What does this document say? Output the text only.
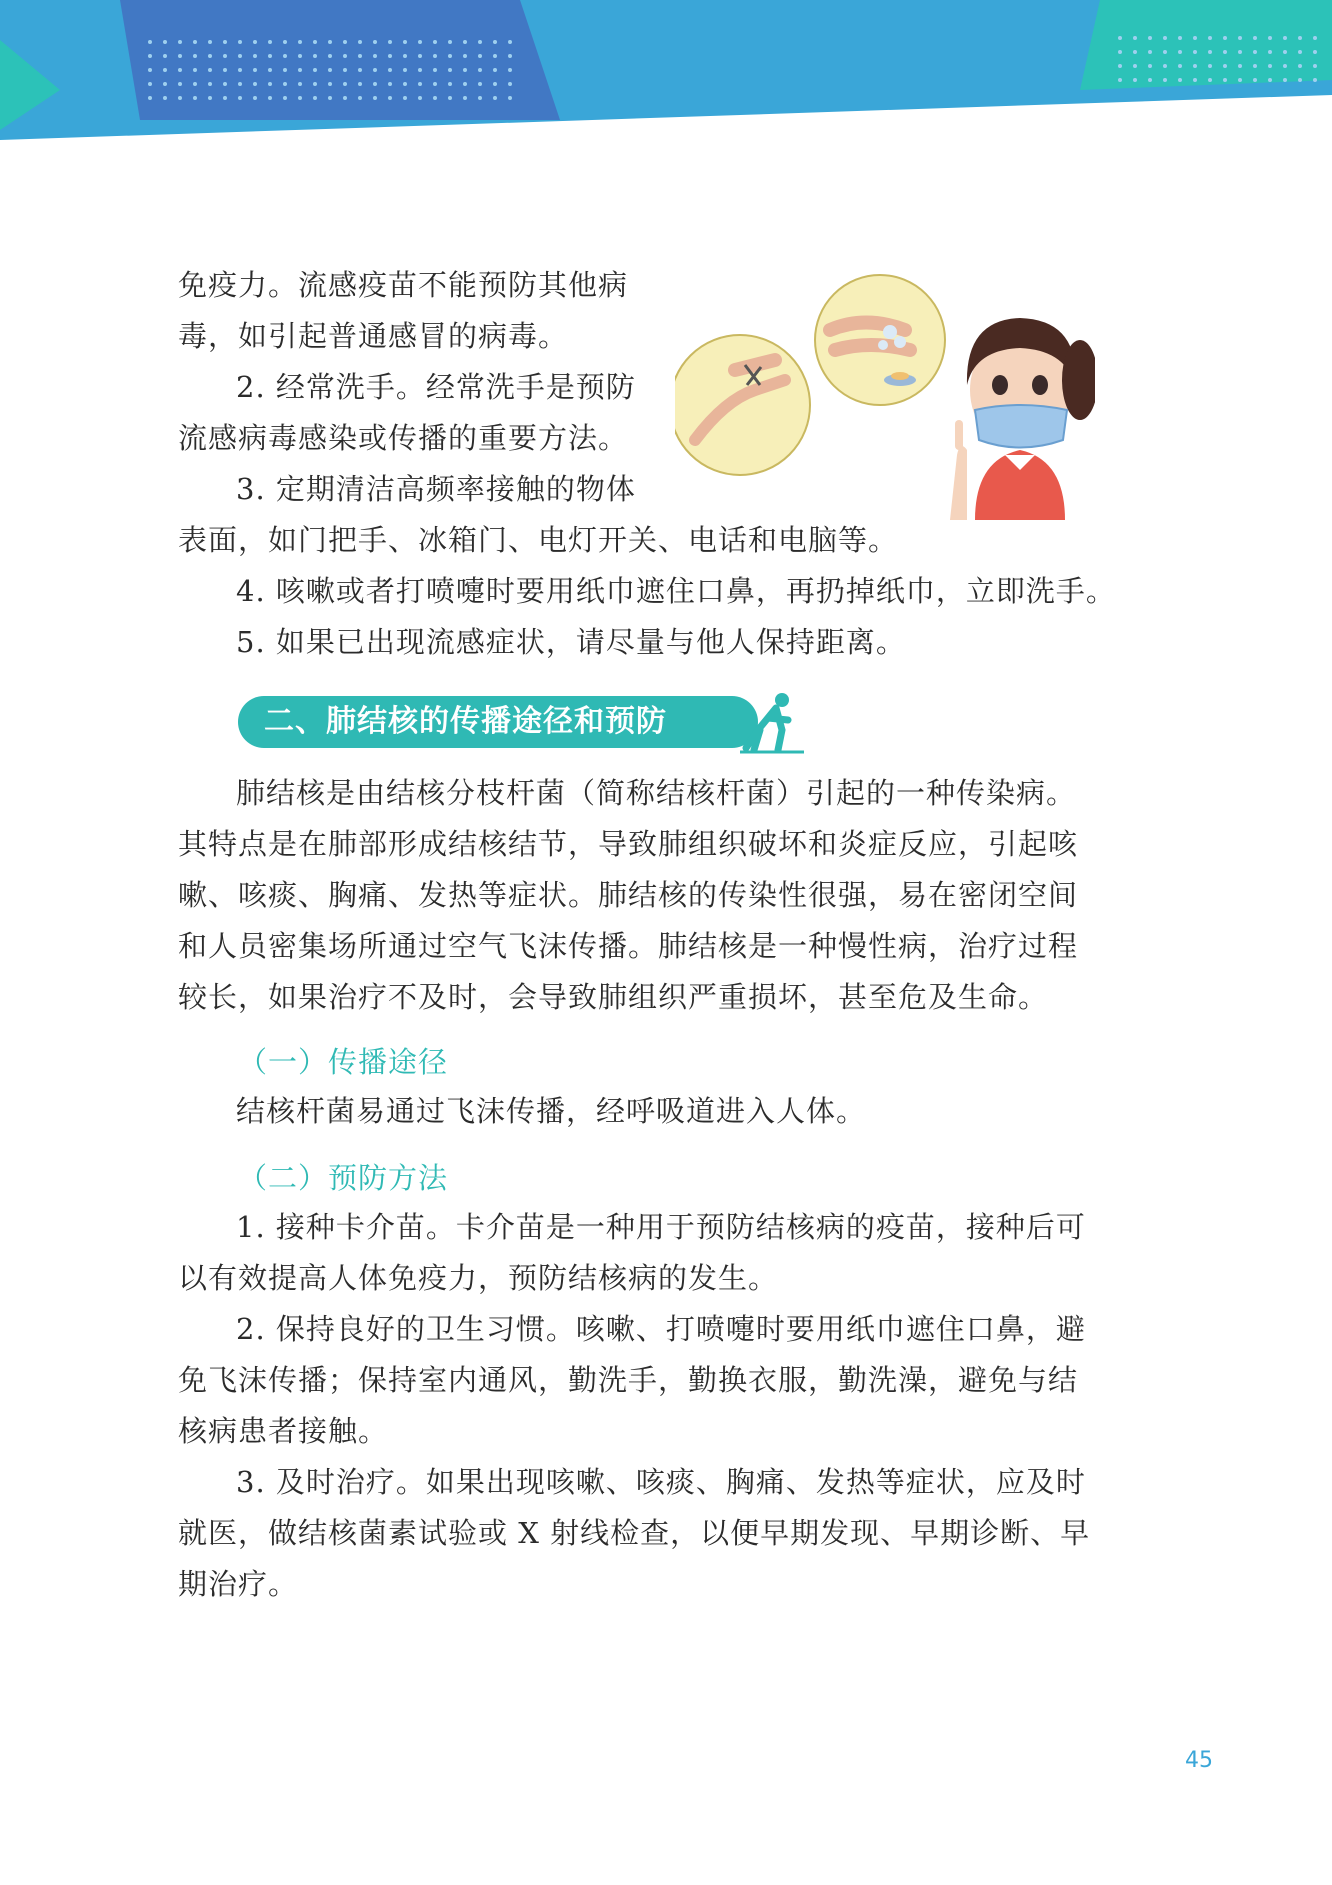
免疫力。流感疫苗不能预防其他病

毒，如引起普通感冒的病毒。

2. 经常洗手。经常洗手是预防

流感病毒感染或传播的重要方法。

3. 定期清洁高频率接触的物体

表面，如门把手、冰箱门、电灯开关、电话和电脑等。

4. 咳嗽或者打喷嚏时要用纸巾遮住口鼻，再扔掉纸巾，立即洗手。

5. 如果已出现流感症状，请尽量与他人保持距离。

二、肺结核的传播途径和预防

肺结核是由结核分枝杆菌（简称结核杆菌）引起的一种传染病。

其特点是在肺部形成结核结节，导致肺组织破坏和炎症反应，引起咳

嗽、咳痰、胸痛、发热等症状。肺结核的传染性很强，易在密闭空间

和人员密集场所通过空气飞沫传播。肺结核是一种慢性病，治疗过程

较长，如果治疗不及时，会导致肺组织严重损坏，甚至危及生命。

（一）传播途径

结核杆菌易通过飞沫传播，经呼吸道进入人体。

（二）预防方法

1. 接种卡介苗。卡介苗是一种用于预防结核病的疫苗，接种后可

以有效提高人体免疫力，预防结核病的发生。

2. 保持良好的卫生习惯。咳嗽、打喷嚏时要用纸巾遮住口鼻，避

免飞沫传播；保持室内通风，勤洗手，勤换衣服，勤洗澡，避免与结

核病患者接触。

3. 及时治疗。如果出现咳嗽、咳痰、胸痛、发热等症状，应及时

就医，做结核菌素试验或 X 射线检查，以便早期发现、早期诊断、早

期治疗。

45
